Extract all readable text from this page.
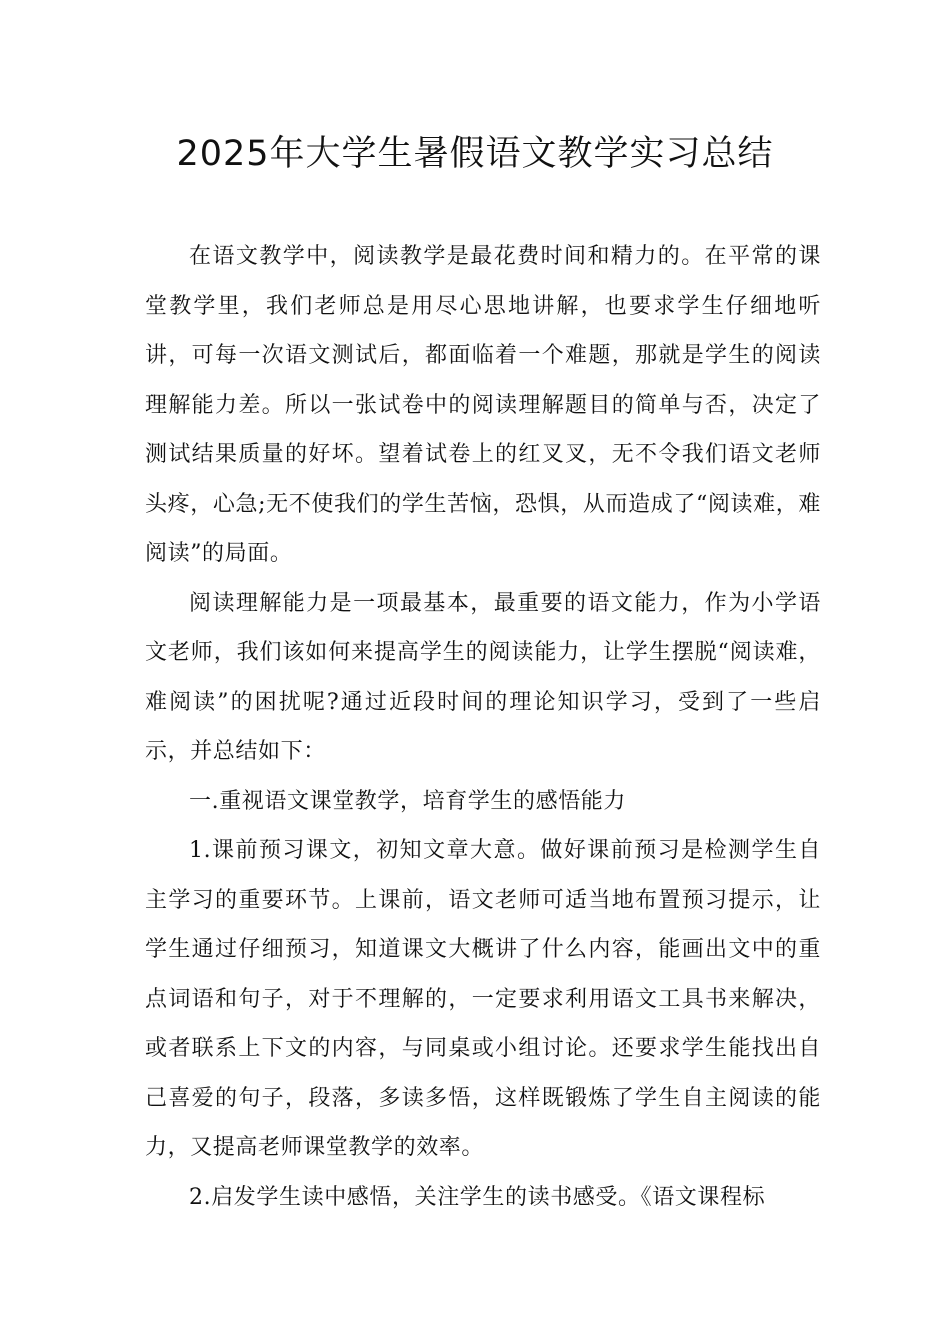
2025年大学生暑假语文教学实习总结

在语文教学中，阅读教学是最花费时间和精力的。在平常的课堂教学里，我们老师总是用尽心思地讲解，也要求学生仔细地听讲，可每一次语文测试后，都面临着一个难题，那就是学生的阅读理解能力差。所以一张试卷中的阅读理解题目的简单与否，决定了测试结果质量的好坏。望着试卷上的红叉叉，无不令我们语文老师头疼，心急;无不使我们的学生苦恼，恐惧，从而造成了“阅读难，难阅读”的局面。

阅读理解能力是一项最基本，最重要的语文能力，作为小学语文老师，我们该如何来提高学生的阅读能力，让学生摆脱“阅读难，难阅读”的困扰呢?通过近段时间的理论知识学习，受到了一些启示，并总结如下：

一.重视语文课堂教学，培育学生的感悟能力

1.课前预习课文，初知文章大意。做好课前预习是检测学生自主学习的重要环节。上课前，语文老师可适当地布置预习提示，让学生通过仔细预习，知道课文大概讲了什么内容，能画出文中的重点词语和句子，对于不理解的，一定要求利用语文工具书来解决，或者联系上下文的内容，与同桌或小组讨论。还要求学生能找出自己喜爱的句子，段落，多读多悟，这样既锻炼了学生自主阅读的能力，又提高老师课堂教学的效率。

2.启发学生读中感悟，关注学生的读书感受。《语文课程标
